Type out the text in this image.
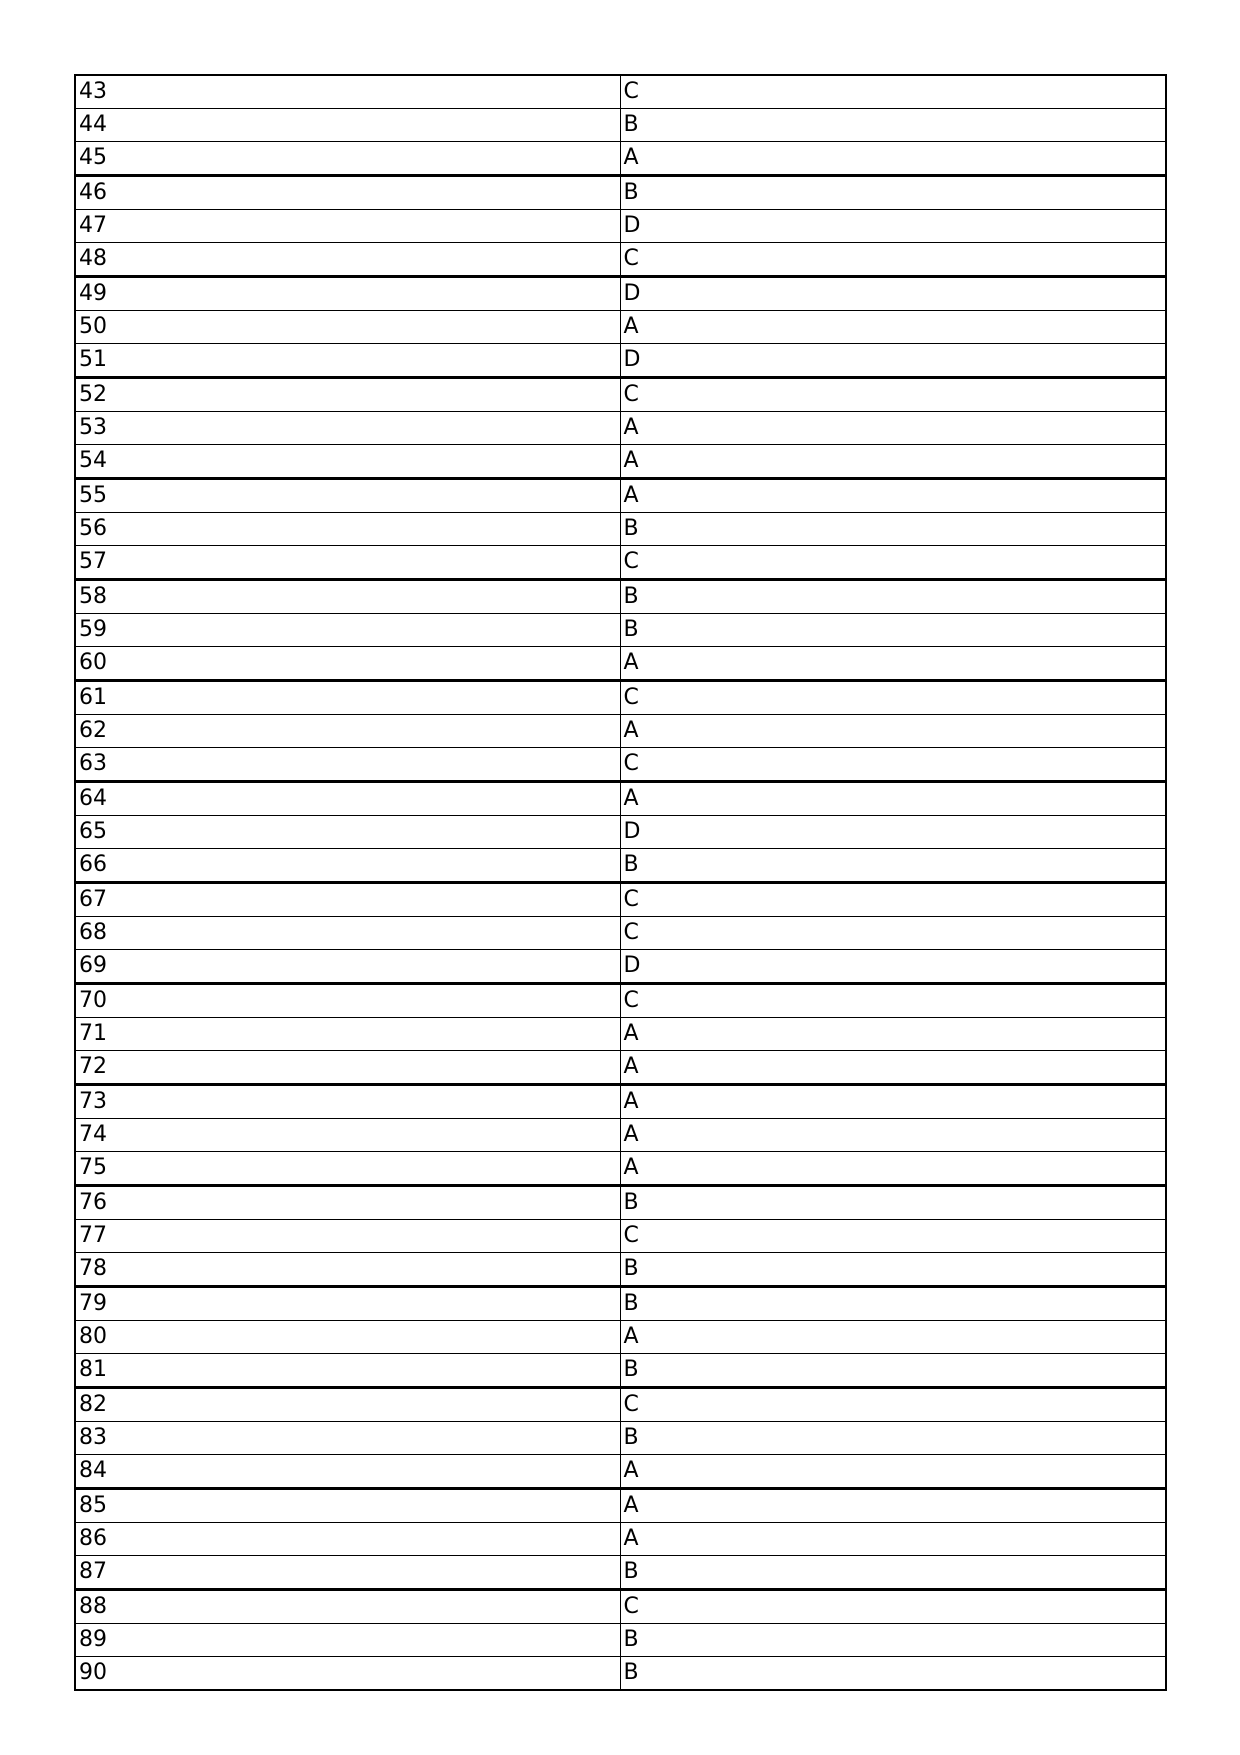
43	C
44	B
45	A
46	B
47	D
48	C
49	D
50	A
51	D
52	C
53	A
54	A
55	A
56	B
57	C
58	B
59	B
60	A
61	C
62	A
63	C
64	A
65	D
66	B
67	C
68	C
69	D
70	C
71	A
72	A
73	A
74	A
75	A
76	B
77	C
78	B
79	B
80	A
81	B
82	C
83	B
84	A
85	A
86	A
87	B
88	C
89	B
90	B
